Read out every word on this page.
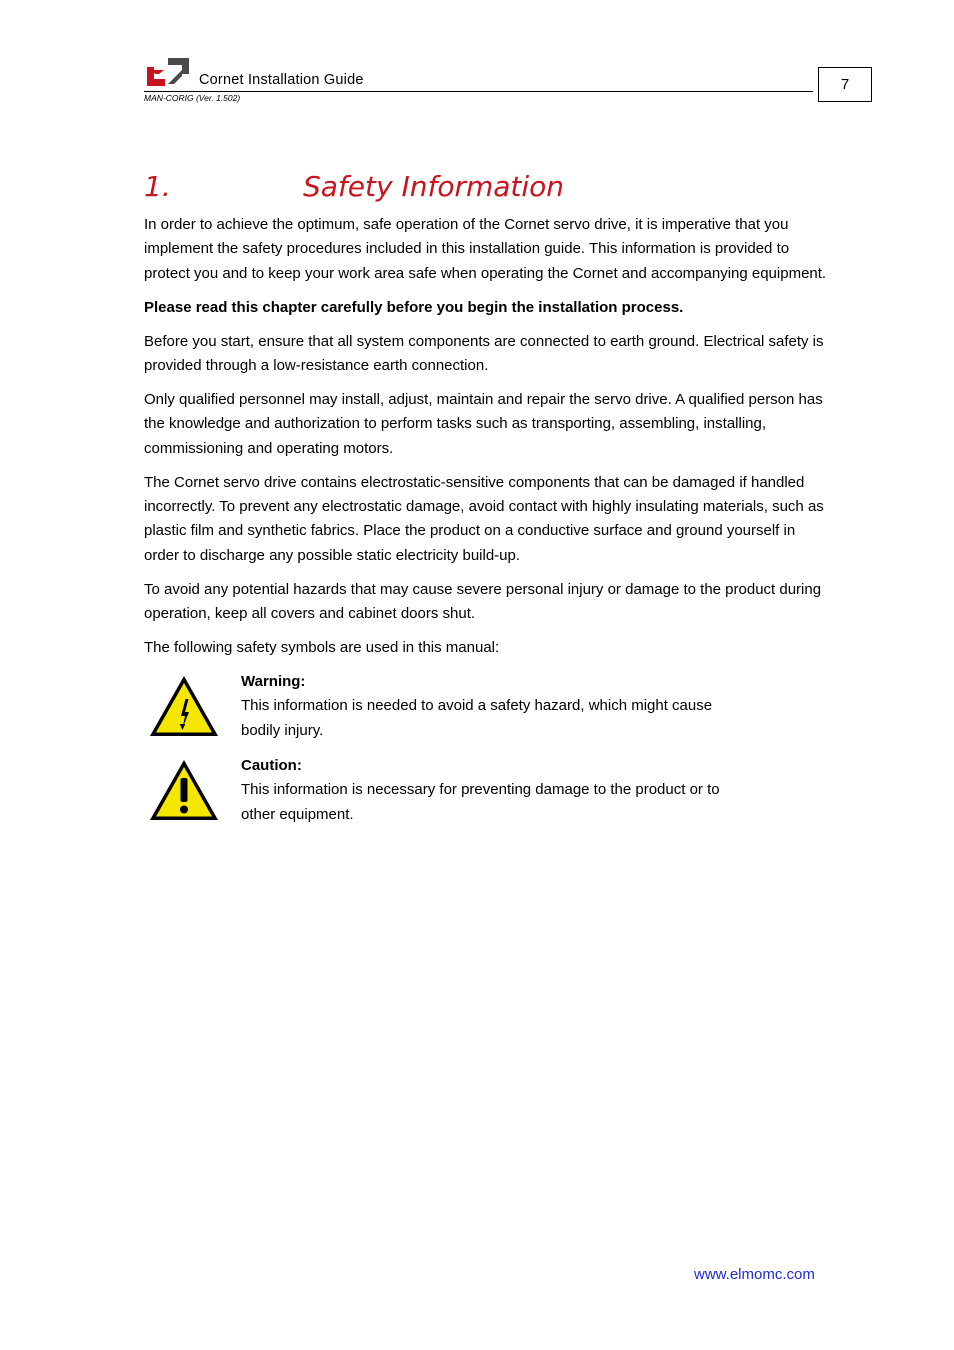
Cornet Installation Guide
MAN-CORIG (Ver. 1.502)
7
1.	Safety Information

In order to achieve the optimum, safe operation of the Cornet servo drive, it is imperative that you implement the safety procedures included in this installation guide. This information is provided to protect you and to keep your work area safe when operating the Cornet and accompanying equipment.

Please read this chapter carefully before you begin the installation process.

Before you start, ensure that all system components are connected to earth ground. Electrical safety is provided through a low-resistance earth connection.

Only qualified personnel may install, adjust, maintain and repair the servo drive. A qualified person has the knowledge and authorization to perform tasks such as transporting, assembling, installing, commissioning and operating motors.

The Cornet servo drive contains electrostatic-sensitive components that can be damaged if handled incorrectly. To prevent any electrostatic damage, avoid contact with highly insulating materials, such as plastic film and synthetic fabrics. Place the product on a conductive surface and ground yourself in order to discharge any possible static electricity build-up.

To avoid any potential hazards that may cause severe personal injury or damage to the product during operation, keep all covers and cabinet doors shut.

The following safety symbols are used in this manual:

Warning:
This information is needed to avoid a safety hazard, which might cause
bodily injury.
Caution:
This information is necessary for preventing damage to the product or to
other equipment.
www.elmomc.com
